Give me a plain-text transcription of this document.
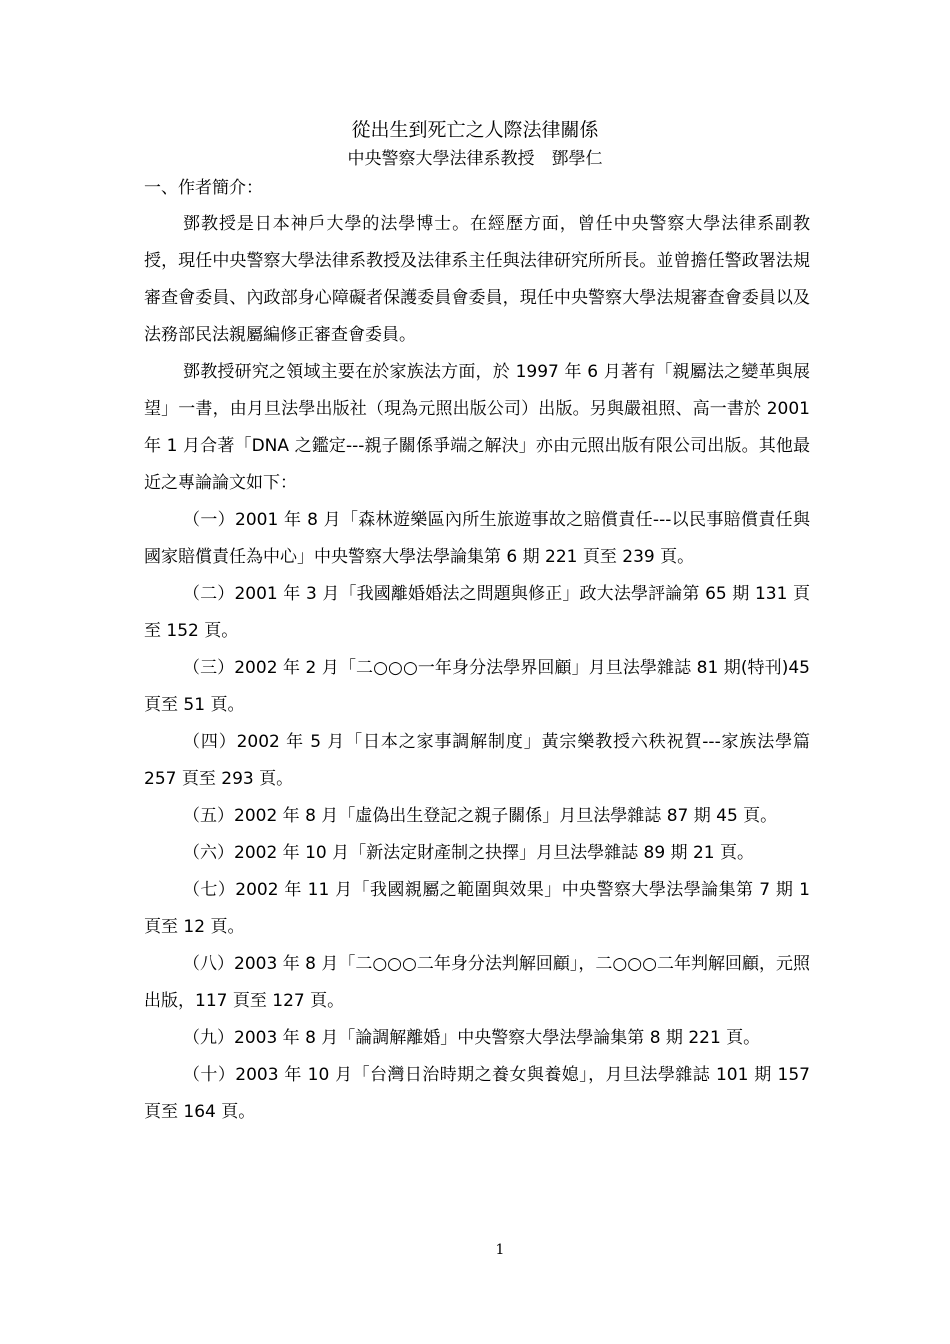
從出生到死亡之人際法律關係
中央警察大學法律系教授　鄧學仁

一、作者簡介：

鄧教授是日本神戶大學的法學博士。在經歷方面，曾任中央警察大學法律系副教授，現任中央警察大學法律系教授及法律系主任與法律研究所所長。並曾擔任警政署法規審查會委員、內政部身心障礙者保護委員會委員，現任中央警察大學法規審查會委員以及法務部民法親屬編修正審查會委員。

鄧教授研究之領域主要在於家族法方面，於 1997 年 6 月著有「親屬法之變革與展望」一書，由月旦法學出版社（現為元照出版公司）出版。另與嚴祖照、高一書於 2001 年 1 月合著「DNA 之鑑定---親子關係爭端之解決」亦由元照出版有限公司出版。其他最近之專論論文如下：

（一）2001 年 8 月「森林遊樂區內所生旅遊事故之賠償責任---以民事賠償責任與國家賠償責任為中心」中央警察大學法學論集第 6 期 221 頁至 239 頁。
（二）2001 年 3 月「我國離婚婚法之問題與修正」政大法學評論第 65 期 131 頁至 152 頁。
（三）2002 年 2 月「二○○○一年身分法學界回顧」月旦法學雜誌 81 期(特刊)45 頁至 51 頁。
（四）2002 年 5 月「日本之家事調解制度」黃宗樂教授六秩祝賀---家族法學篇 257 頁至 293 頁。
（五）2002 年 8 月「虛偽出生登記之親子關係」月旦法學雜誌 87 期 45 頁。
（六）2002 年 10 月「新法定財產制之抉擇」月旦法學雜誌 89 期 21 頁。
（七）2002 年 11 月「我國親屬之範圍與效果」中央警察大學法學論集第 7 期 1 頁至 12 頁。
（八）2003 年 8 月「二○○○二年身分法判解回顧」，二○○○二年判解回顧，元照出版，117 頁至 127 頁。
（九）2003 年 8 月「論調解離婚」中央警察大學法學論集第 8 期 221 頁。
（十）2003 年 10 月「台灣日治時期之養女與養媳」，月旦法學雜誌 101 期 157 頁至 164 頁。
1
